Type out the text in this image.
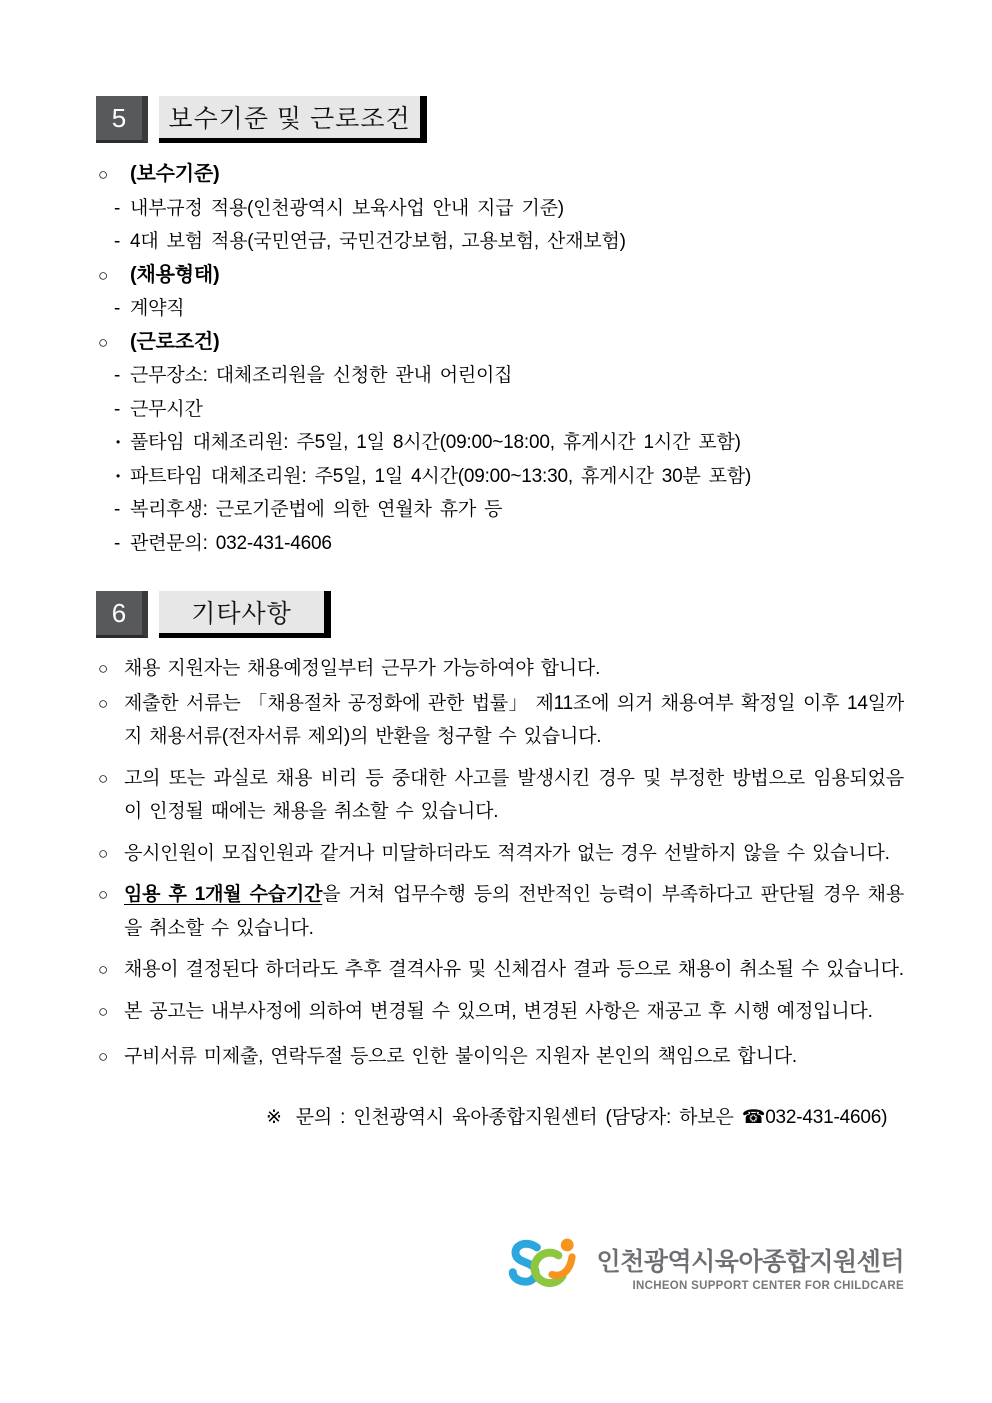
5	보수기준 및 근로조건
○	(보수기준)
- 내부규정 적용(인천광역시 보육사업 안내 지급 기준)
- 4대 보험 적용(국민연금, 국민건강보험, 고용보험, 산재보험)
○	(채용형태)
- 계약직
○	(근로조건)
- 근무장소: 대체조리원을 신청한 관내 어린이집
- 근무시간
• 풀타임 대체조리원: 주5일, 1일 8시간(09:00~18:00, 휴게시간 1시간 포함)
• 파트타임 대체조리원: 주5일, 1일 4시간(09:00~13:30, 휴게시간 30분 포함)
- 복리후생: 근로기준법에 의한 연월차 휴가 등
- 관련문의: 032-431-4606
6	기타사항
○ 채용 지원자는 채용예정일부터 근무가 가능하여야 합니다.
○ 제출한 서류는 「채용절차 공정화에 관한 법률」 제11조에 의거 채용여부 확정일 이후 14일까지 채용서류(전자서류 제외)의 반환을 청구할 수 있습니다.
○ 고의 또는 과실로 채용 비리 등 중대한 사고를 발생시킨 경우 및 부정한 방법으로 임용되었음이 인정될 때에는 채용을 취소할 수 있습니다.
○ 응시인원이 모집인원과 같거나 미달하더라도 적격자가 없는 경우 선발하지 않을 수 있습니다.
○ 임용 후 1개월 수습기간을 거쳐 업무수행 등의 전반적인 능력이 부족하다고 판단될 경우 채용을 취소할 수 있습니다.
○ 채용이 결정된다 하더라도 추후 결격사유 및 신체검사 결과 등으로 채용이 취소될 수 있습니다.
○ 본 공고는 내부사정에 의하여 변경될 수 있으며, 변경된 사항은 재공고 후 시행 예정입니다.
○ 구비서류 미제출, 연락두절 등으로 인한 불이익은 지원자 본인의 책임으로 합니다.
※ 문의 : 인천광역시 육아종합지원센터 (담당자: 하보은 ☎032-431-4606)
인천광역시육아종합지원센터
INCHEON SUPPORT CENTER FOR CHILDCARE
